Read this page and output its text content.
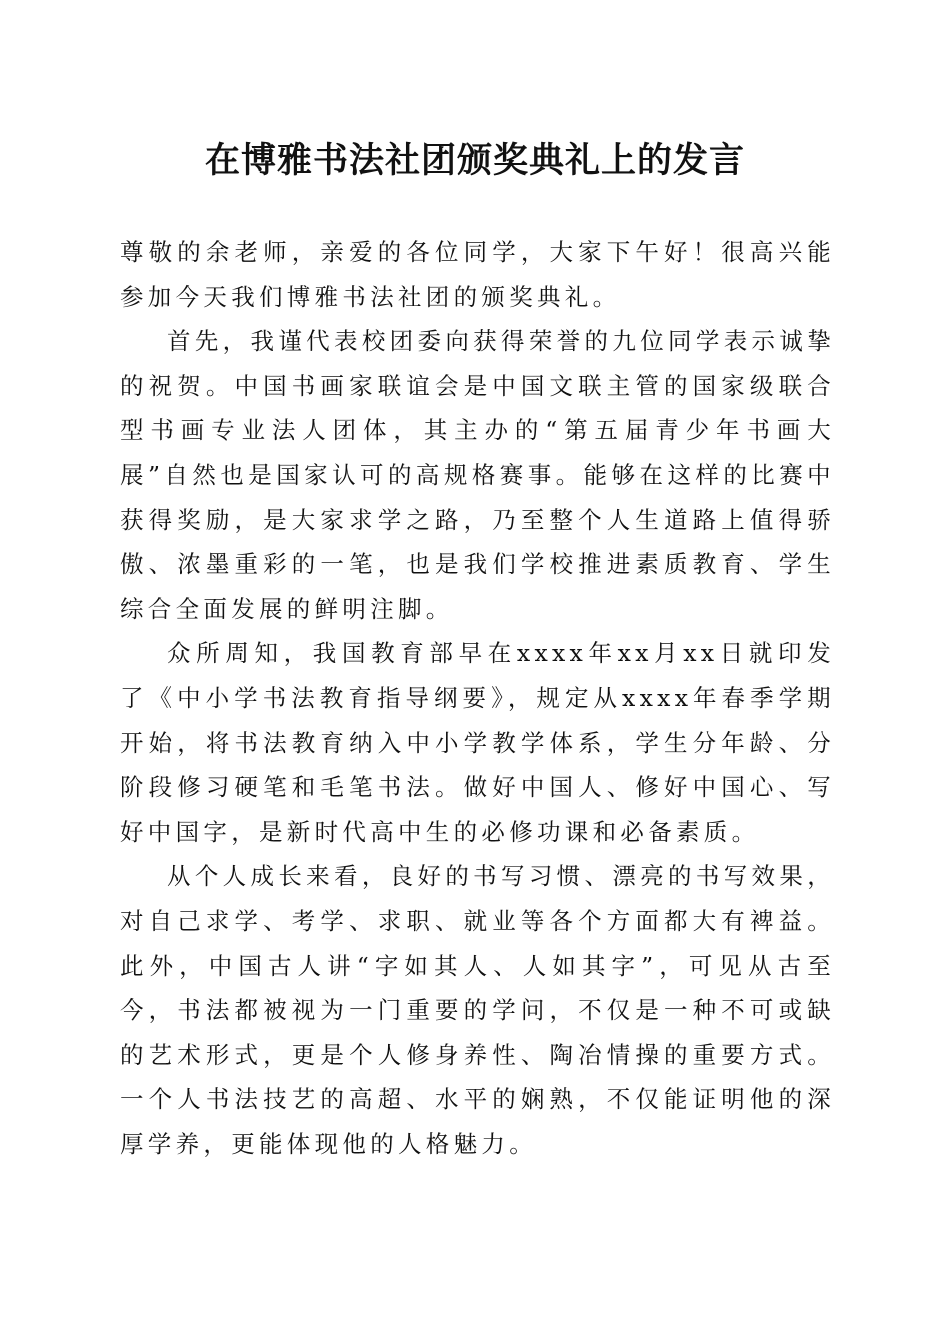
在博雅书法社团颁奖典礼上的发言

尊敬的余老师，亲爱的各位同学，大家下午好！很高兴能参加今天我们博雅书法社团的颁奖典礼。

首先，我谨代表校团委向获得荣誉的九位同学表示诚挚的祝贺。中国书画家联谊会是中国文联主管的国家级联合型书画专业法人团体，其主办的“第五届青少年书画大展”自然也是国家认可的高规格赛事。能够在这样的比赛中获得奖励，是大家求学之路，乃至整个人生道路上值得骄傲、浓墨重彩的一笔，也是我们学校推进素质教育、学生综合全面发展的鲜明注脚。

众所周知，我国教育部早在xxxx年xx月xx日就印发了《中小学书法教育指导纲要》，规定从xxxx年春季学期开始，将书法教育纳入中小学教学体系，学生分年龄、分阶段修习硬笔和毛笔书法。做好中国人、修好中国心、写好中国字，是新时代高中生的必修功课和必备素质。

从个人成长来看，良好的书写习惯、漂亮的书写效果，对自己求学、考学、求职、就业等各个方面都大有裨益。此外，中国古人讲“字如其人、人如其字”，可见从古至今，书法都被视为一门重要的学问，不仅是一种不可或缺的艺术形式，更是个人修身养性、陶冶情操的重要方式。一个人书法技艺的高超、水平的娴熟，不仅能证明他的深厚学养，更能体现他的人格魅力。
